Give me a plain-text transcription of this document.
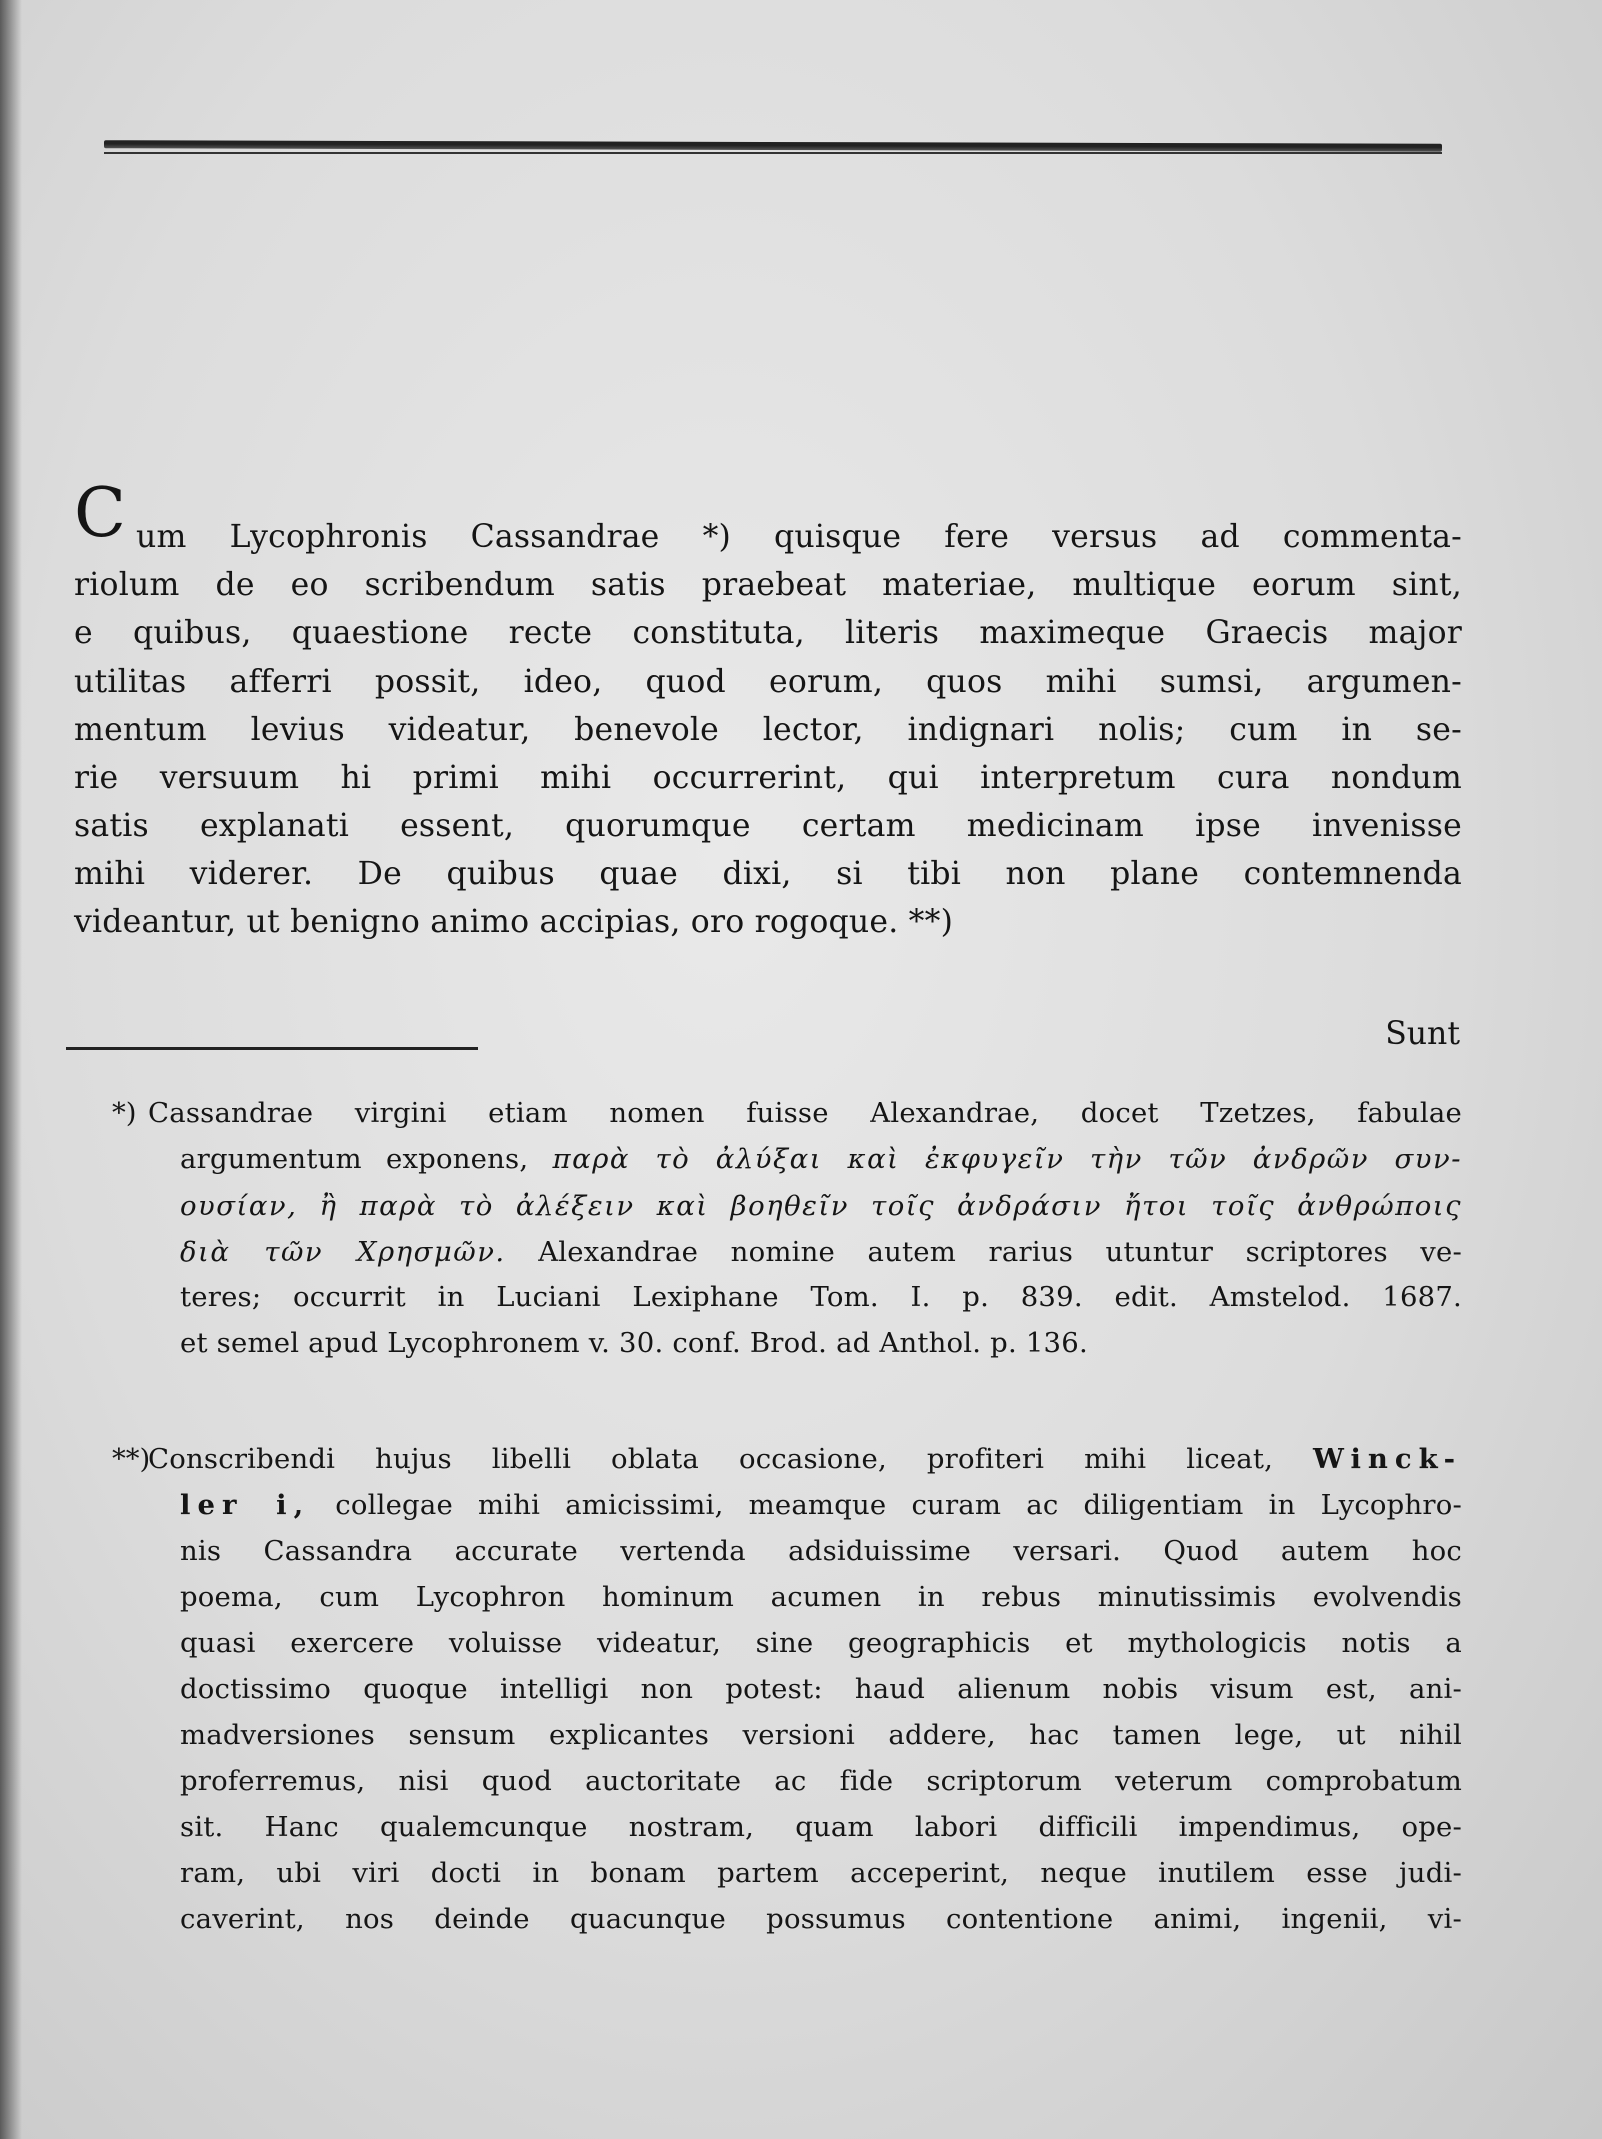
C um Lycophronis Cassandrae *) quisque fere versus ad commenta-
riolum de eo scribendum satis praebeat materiae, multique eorum sint,
e quibus, quaestione recte constituta, literis maximeque Graecis major
utilitas afferri possit, ideo, quod eorum, quos mihi sumsi, argumen-
mentum levius videatur, benevole lector, indignari nolis; cum in se-
rie versuum hi primi mihi occurrerint, qui interpretum cura nondum
satis explanati essent, quorumque certam medicinam ipse invenisse
mihi viderer. De quibus quae dixi, si tibi non plane contemnenda
videantur, ut benigno animo accipias, oro rogoque. **)
Sunt
*) Cassandrae virgini etiam nomen fuisse Alexandrae, docet Tzetzes, fabulae
argumentum exponens, παρὰ τὸ ἀλύξαι καὶ ἐκφυγεῖν τὴν τῶν ἀνδρῶν συν-
ουσίαν, ἢ παρὰ τὸ ἀλέξειν καὶ βοηθεῖν τοῖς ἀνδράσιν ἤτοι τοῖς ἀνθρώποις
διὰ τῶν Χρησμῶν. Alexandrae nomine autem rarius utuntur scriptores ve-
teres; occurrit in Luciani Lexiphane Tom. I. p. 839. edit. Amstelod. 1687.
et semel apud Lycophronem v. 30. conf. Brod. ad Anthol. p. 136.
**)
Conscribendi hujus libelli oblata occasione, profiteri mihi liceat, Winck-
ler i, collegae mihi amicissimi, meamque curam ac diligentiam in Lycophro-
nis Cassandra accurate vertenda adsiduissime versari. Quod autem hoc
poema, cum Lycophron hominum acumen in rebus minutissimis evolvendis
quasi exercere voluisse videatur, sine geographicis et mythologicis notis a
doctissimo quoque intelligi non potest: haud alienum nobis visum est, ani-
madversiones sensum explicantes versioni addere, hac tamen lege, ut nihil
proferremus, nisi quod auctoritate ac fide scriptorum veterum comprobatum
sit. Hanc qualemcunque nostram, quam labori difficili impendimus, ope-
ram, ubi viri docti in bonam partem acceperint, neque inutilem esse judi-
caverint, nos deinde quacunque possumus contentione animi, ingenii, vi-
